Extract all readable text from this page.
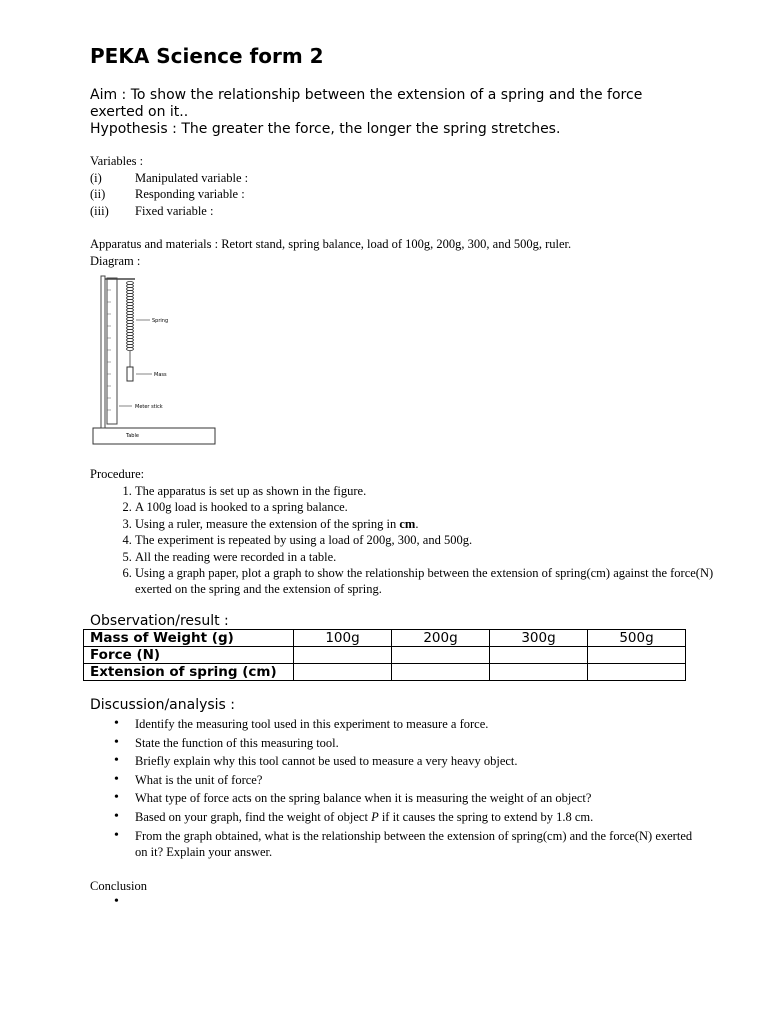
PEKA Science form 2
Aim : To show the relationship between the extension of a spring and the force exerted on it..
Hypothesis : The greater the force, the longer the spring stretches.
Variables :
(i)	Manipulated variable :
(ii) Responding variable :
(iii) Fixed variable :
Apparatus and materials : Retort stand, spring balance, load of 100g, 200g, 300, and 500g, ruler.
Diagram :
Table
Spring
Mass
Meter stick
Procedure:
1. The apparatus is set up as shown in the figure.
2. A 100g load is hooked to a spring balance.
3. Using a ruler, measure the extension of the spring in cm.
4. The experiment is repeated by using a load of 200g, 300, and 500g.
5. All the reading were recorded in a table.
6. Using a graph paper, plot a graph to show the relationship between the extension of spring(cm) against the force(N) exerted on the spring and the extension of spring.
Observation/result :
Mass of Weight (g)	100g	200g	300g	500g
Force (N)				
Extension of spring (cm)				
Discussion/analysis :
• Identify the measuring tool used in this experiment to measure a force.
• State the function of this measuring tool.
• Briefly explain why this tool cannot be used to measure a very heavy object.
• What is the unit of force?
• What type of force acts on the spring balance when it is measuring the weight of an object?
• Based on your graph, find the weight of object P if it causes the spring to extend by 1.8 cm.
• From the graph obtained, what is the relationship between the extension of spring(cm) and the force(N) exerted on it? Explain your answer.
Conclusion
•
